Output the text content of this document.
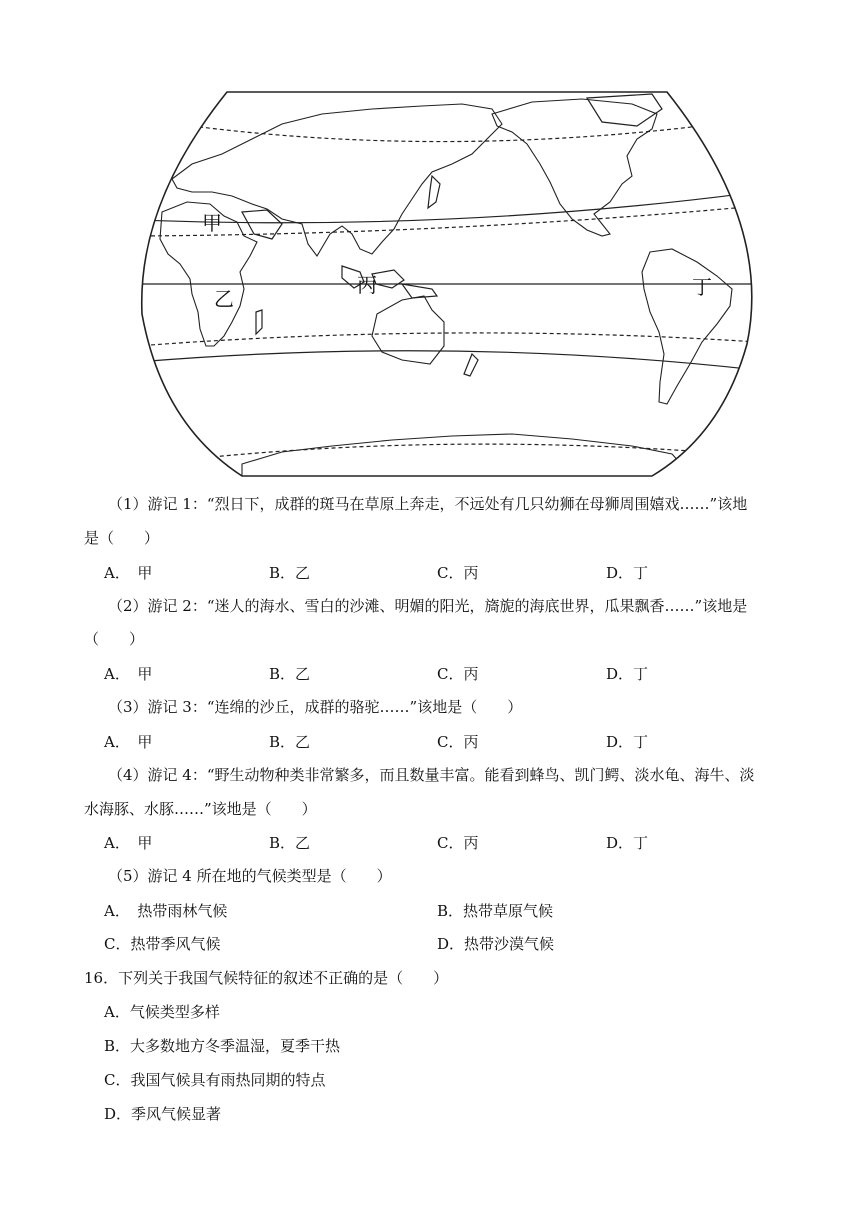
甲
乙
丙	丁
（1）游记 1：“烈日下，成群的斑马在草原上奔走，不远处有几只幼狮在母狮周围嬉戏……”该地
是（　　）
A．　甲	B．乙	C．丙	D．丁
（2）游记 2：“迷人的海水、雪白的沙滩、明媚的阳光，旖旎的海底世界，瓜果飘香……”该地是
（　　）
A．　甲	B．乙	C．丙	D．丁
（3）游记 3：“连绵的沙丘，成群的骆驼……”该地是（　　）
A．　甲	B．乙	C．丙	D．丁
（4）游记 4：“野生动物种类非常繁多，而且数量丰富。能看到蜂鸟、凯门鳄、淡水龟、海牛、淡
水海豚、水豚……”该地是（　　）
A．　甲	B．乙	C．丙	D．丁
（5）游记 4 所在地的气候类型是（　　）
A．　热带雨林气候	B．热带草原气候
C．热带季风气候	D．热带沙漠气候
16．下列关于我国气候特征的叙述不正确的是（　　）
A．气候类型多样
B．大多数地方冬季温湿，夏季干热
C．我国气候具有雨热同期的特点
D．季风气候显著
